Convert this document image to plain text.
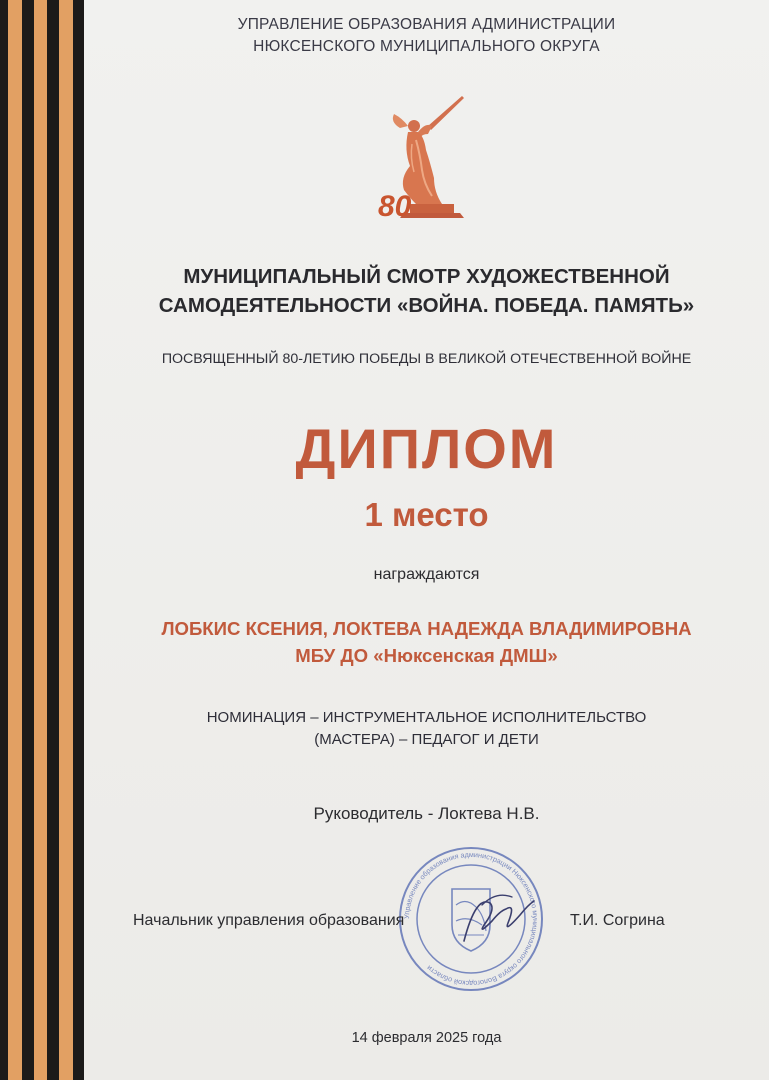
УПРАВЛЕНИЕ ОБРАЗОВАНИЯ АДМИНИСТРАЦИИ
НЮКСЕНСКОГО МУНИЦИПАЛЬНОГО ОКРУГА
80
МУНИЦИПАЛЬНЫЙ СМОТР ХУДОЖЕСТВЕННОЙ
САМОДЕЯТЕЛЬНОСТИ «ВОЙНА. ПОБЕДА. ПАМЯТЬ»
ПОСВЯЩЕННЫЙ 80-ЛЕТИЮ ПОБЕДЫ В ВЕЛИКОЙ ОТЕЧЕСТВЕННОЙ ВОЙНЕ
ДИПЛОМ
1 место
награждаются
ЛОБКИС КСЕНИЯ, ЛОКТЕВА НАДЕЖДА ВЛАДИМИРОВНА
МБУ ДО «Нюксенская ДМШ»
НОМИНАЦИЯ – ИНСТРУМЕНТАЛЬНОЕ ИСПОЛНИТЕЛЬСТВО
(МАСТЕРА) – ПЕДАГОГ И ДЕТИ
Руководитель - Локтева Н.В.
Управление образования администрации Нюксенского муниципального округа Вологодской области
Начальник управления образования	Т.И. Согрина
14 февраля 2025 года
